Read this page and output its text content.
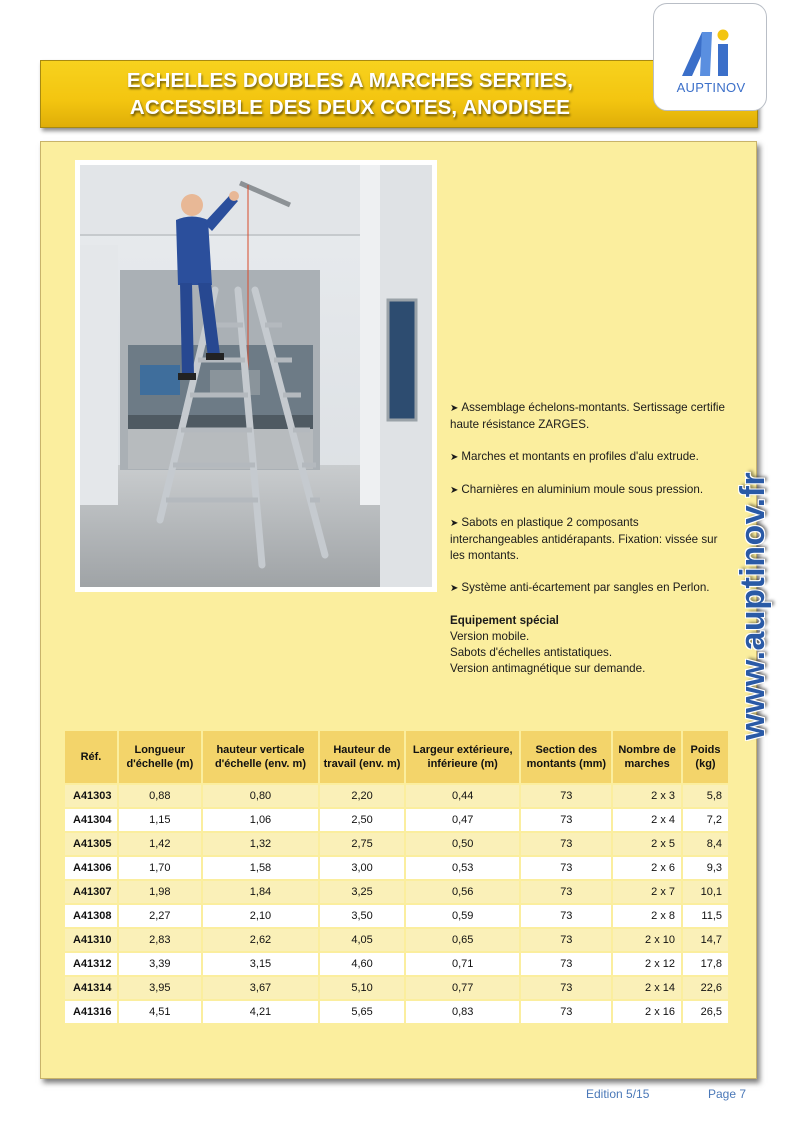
ECHELLES DOUBLES A MARCHES SERTIES,
ACCESSIBLE DES DEUX COTES, ANODISEE
AUPTINOV

➤ Assemblage échelons-montants. Sertissage certifie haute résistance ZARGES.

➤ Marches et montants en profiles d'alu extrude.

➤ Charnières en aluminium moule sous pression.

➤ Sabots en plastique 2 composants interchangeables antidérapants. Fixation: vissée sur les montants.

➤ Système anti-écartement par sangles en Perlon.

Equipement spécial

Version mobile.

Sabots d'échelles antistatiques.

Version antimagnétique sur demande.	www.auptinov.fr
Réf.	Longueur d'échelle (m)	hauteur verticale d'échelle (env. m)	Hauteur de travail (env. m)	Largeur extérieure, inférieure (m)	Section des montants (mm)	Nombre de marches	Poids (kg)
A41303	0,88	0,80	2,20	0,44	73	2 x 3	5,8
A41304	1,15	1,06	2,50	0,47	73	2 x 4	7,2
A41305	1,42	1,32	2,75	0,50	73	2 x 5	8,4
A41306	1,70	1,58	3,00	0,53	73	2 x 6	9,3
A41307	1,98	1,84	3,25	0,56	73	2 x 7	10,1
A41308	2,27	2,10	3,50	0,59	73	2 x 8	11,5
A41310	2,83	2,62	4,05	0,65	73	2 x 10	14,7
A41312	3,39	3,15	4,60	0,71	73	2 x 12	17,8
A41314	3,95	3,67	5,10	0,77	73	2 x 14	22,6
A41316	4,51	4,21	5,65	0,83	73	2 x 16	26,5
Edition 5/15	Page 7
